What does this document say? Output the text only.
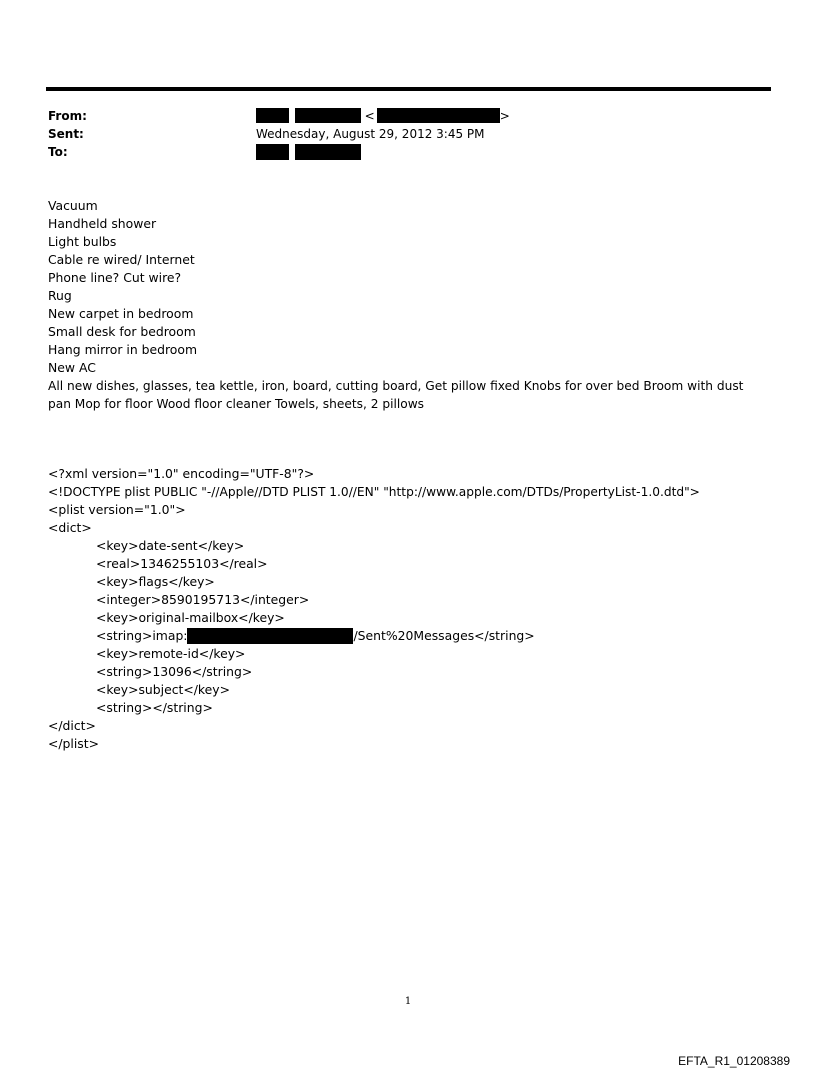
From:
Sent:
To:
<	>
Wednesday, August 29, 2012 3:45 PM

Vacuum
Handheld shower
Light bulbs
Cable re wired/ Internet
Phone line? Cut wire?
Rug
New carpet in bedroom
Small desk for bedroom
Hang mirror in bedroom
New AC
All new dishes, glasses, tea kettle, iron, board, cutting board, Get pillow fixed Knobs for over bed Broom with dust pan Mop for floor Wood floor cleaner Towels, sheets, 2 pillows
<?xml version="1.0" encoding="UTF-8"?>
<!DOCTYPE plist PUBLIC "-//Apple//DTD PLIST 1.0//EN" "http://www.apple.com/DTDs/PropertyList-1.0.dtd">
<plist version="1.0">
<dict>
<key>date-sent</key>
<real>1346255103</real>
<key>flags</key>
<integer>8590195713</integer>
<key>original-mailbox</key>
<string>imap:	/Sent%20Messages</string>
<key>remote-id</key>
<string>13096</string>
<key>subject</key>
<string></string>
</dict>
</plist>
1
EFTA_R1_01208389
